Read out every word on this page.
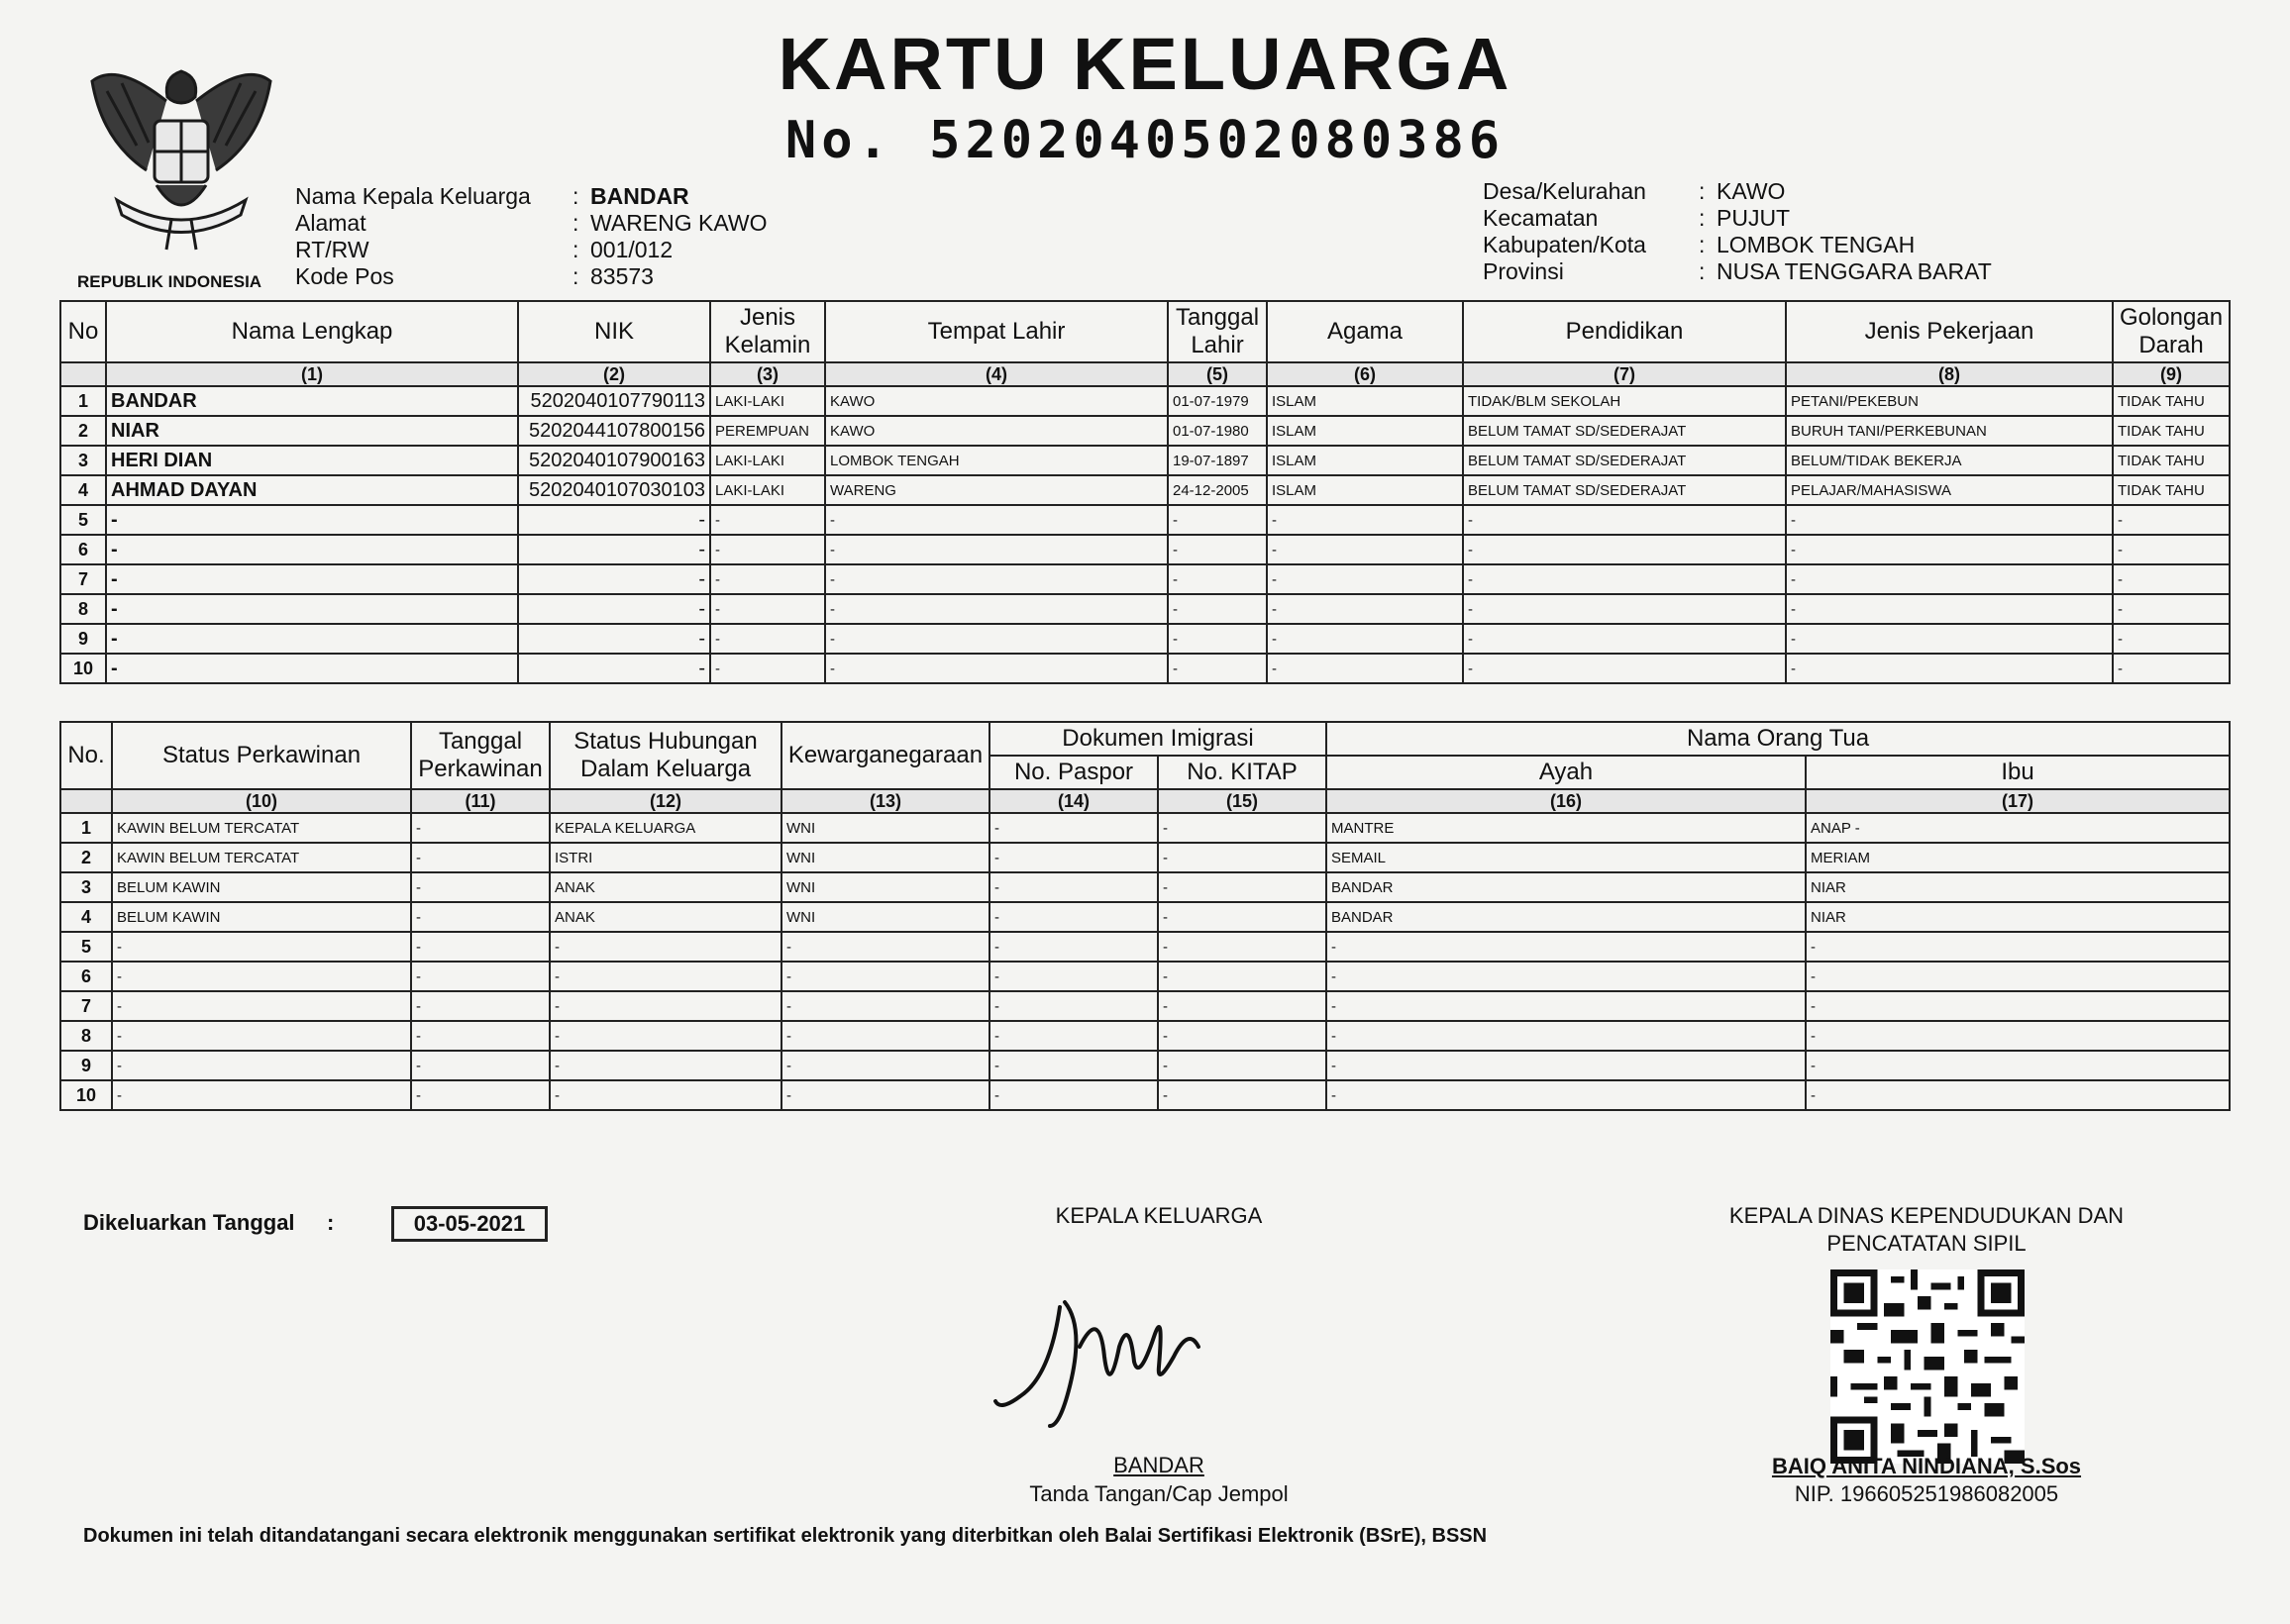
REPUBLIK INDONESIA
KARTU KELUARGA
No. 5202040502080386
Nama Kepala Keluarga	: BANDAR
Alamat	: WARENG KAWO
RT/RW	: 001/012
Kode Pos	: 83573
Desa/Kelurahan	: KAWO
Kecamatan	: PUJUT
Kabupaten/Kota	: LOMBOK TENGAH
Provinsi	: NUSA TENGGARA BARAT
No	Nama Lengkap	NIK	Jenis Kelamin	Tempat Lahir	Tanggal Lahir	Agama	Pendidikan	Jenis Pekerjaan	Golongan Darah
	(1)	(2)	(3)	(4)	(5)	(6)	(7)	(8)	(9)
1	BANDAR	5202040107790113	LAKI-LAKI	KAWO	01-07-1979	ISLAM	TIDAK/BLM SEKOLAH	PETANI/PEKEBUN	TIDAK TAHU
2	NIAR	5202044107800156	PEREMPUAN	KAWO	01-07-1980	ISLAM	BELUM TAMAT SD/SEDERAJAT	BURUH TANI/PERKEBUNAN	TIDAK TAHU
3	HERI DIAN	5202040107900163	LAKI-LAKI	LOMBOK TENGAH	19-07-1897	ISLAM	BELUM TAMAT SD/SEDERAJAT	BELUM/TIDAK BEKERJA	TIDAK TAHU
4	AHMAD DAYAN	5202040107030103	LAKI-LAKI	WARENG	24-12-2005	ISLAM	BELUM TAMAT SD/SEDERAJAT	PELAJAR/MAHASISWA	TIDAK TAHU
5	-	-	-	-	-	-	-	-	-
6	-	-	-	-	-	-	-	-	-
7	-	-	-	-	-	-	-	-	-
8	-	-	-	-	-	-	-	-	-
9	-	-	-	-	-	-	-	-	-
10	-	-	-	-	-	-	-	-	-
No.	Status Perkawinan	Tanggal Perkawinan	Status Hubungan Dalam Keluarga	Kewarganegaraan	Dokumen Imigrasi		Nama Orang Tua	
					No. Paspor	No. KITAP	Ayah	Ibu
	(10)	(11)	(12)	(13)	(14)	(15)	(16)	(17)
1	KAWIN BELUM TERCATAT	-	KEPALA KELUARGA	WNI	-	-	MANTRE	ANAP -
2	KAWIN BELUM TERCATAT	-	ISTRI	WNI	-	-	SEMAIL	MERIAM
3	BELUM KAWIN	-	ANAK	WNI	-	-	BANDAR	NIAR
4	BELUM KAWIN	-	ANAK	WNI	-	-	BANDAR	NIAR
5	-	-	-	-	-	-	-	-
6	-	-	-	-	-	-	-	-
7	-	-	-	-	-	-	-	-
8	-	-	-	-	-	-	-	-
9	-	-	-	-	-	-	-	-
10	-	-	-	-	-	-	-	-
Dikeluarkan Tanggal :	03-05-2021	KEPALA KELUARGA
BANDAR
Tanda Tangan/Cap Jempol
KEPALA DINAS KEPENDUDUKAN DAN
PENCATATAN SIPIL
BAIQ ANITA NINDIANA, S.Sos
NIP. 196605251986082005
Dokumen ini telah ditandatangani secara elektronik menggunakan sertifikat elektronik yang diterbitkan oleh Balai Sertifikasi Elektronik (BSrE), BSSN
